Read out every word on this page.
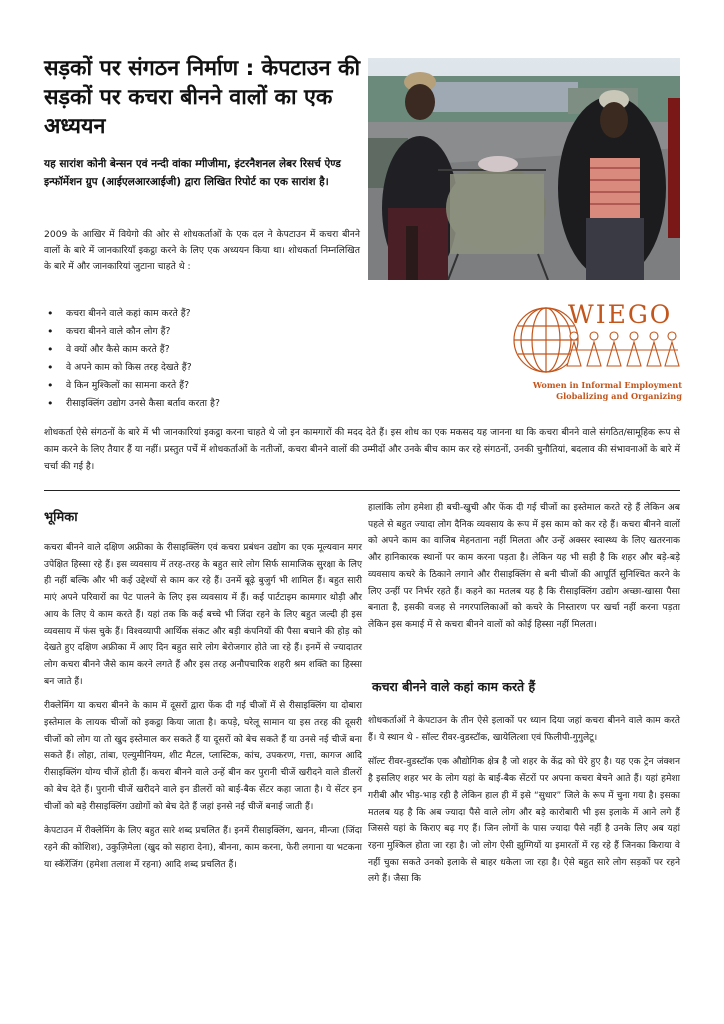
सड़कों पर संगठन निर्माण : केपटाउन की सड़कों पर कचरा बीनने वालों का एक अध्ययन
यह सारांश कोनी बेन्सन एवं नन्दी वांका म्गीजीमा, इंटरनैशनल लेबर रिसर्च ऐण्ड इन्फॉर्मेशन ग्रुप (आईएलआरआईजी) द्वारा लिखित रिपोर्ट का एक सारांश है।
2009 के आखिर में वियेगो की ओर से शोधकर्ताओं के एक दल ने केपटाउन में कचरा बीनने वालों के बारे में जानकारियाँ इकट्ठा करने के लिए एक अध्ययन किया था। शोधकर्ता निम्नलिखित के बारे में और जानकारियां जुटाना चाहते थे :
• कचरा बीनने वाले कहां काम करते हैं?
• कचरा बीनने वाले कौन लोग हैं?
• वे क्यों और कैसे काम करते हैं?
• वे अपने काम को किस तरह देखते हैं?
• वे किन मुश्किलों का सामना करते हैं?
• रीसाइक्लिंग उद्योग उनसे कैसा बर्ताव करता है?
WIEGO
Women in Informal Employment
Globalizing and Organizing
शोधकर्ता ऐसे संगठनों के बारे में भी जानकारियां इकट्ठा करना चाहते थे जो इन कामगारों की मदद देते हैं। इस शोध का एक मकसद यह जानना था कि कचरा बीनने वाले संगठित/सामूहिक रूप से काम करने के लिए तैयार हैं या नहीं। प्रस्तुत पर्चे में शोधकर्ताओं के नतीजों, कचरा बीनने वालों की उम्मीदों और उनके बीच काम कर रहे संगठनों, उनकी चुनौतियां, बदलाव की संभावनाओं के बारे में चर्चा की गई है।
भूमिका

कचरा बीनने वाले दक्षिण अफ्रीका के रीसाइक्लिंग एवं कचरा प्रबंधन उद्योग का एक मूल्यवान मगर उपेक्षित हिस्सा रहे हैं। इस व्यवसाय में तरह-तरह के बहुत सारे लोग सिर्फ सामाजिक सुरक्षा के लिए ही नहीं बल्कि और भी कई उद्देश्यों से काम कर रहे हैं। उनमें बूढ़े बुजुर्ग भी शामिल हैं। बहुत सारी माएं अपने परिवारों का पेट पालने के लिए इस व्यवसाय में हैं। कई पार्टटाइम कामगार थोड़ी और आय के लिए ये काम करते हैं। यहां तक कि कई बच्चे भी जिंदा रहने के लिए बहुत जल्दी ही इस व्यवसाय में फंस चुके हैं। विश्वव्यापी आर्थिक संकट और बड़ी कंपनियों की पैसा बचाने की होड़ को देखते हुए दक्षिण अफ्रीका में आए दिन बहुत सारे लोग बेरोजगार होते जा रहे हैं। इनमें से ज्यादातर लोग कचरा बीनने जैसे काम करने लगते हैं और इस तरह अनौपचारिक शहरी श्रम शक्ति का हिस्सा बन जाते हैं।

रीक्लेमिंग या कचरा बीनने के काम में दूसरों द्वारा फेंक दी गई चीजों में से रीसाइक्लिंग या दोबारा इस्तेमाल के लायक चीजों को इकट्ठा किया जाता है। कपड़े, घरेलू सामान या इस तरह की दूसरी चीजों को लोग या तो खुद इस्तेमाल कर सकते हैं या दूसरों को बेच सकते हैं या उनसे नई चीजें बना सकते हैं। लोहा, तांबा, एल्युमीनियम, शीट मैटल, प्लास्टिक, कांच, उपकरण, गत्ता, कागज आदि रीसाइक्लिंग योग्य चीजें होती हैं। कचरा बीनने वाले उन्हें बीन कर पुरानी चीजें खरीदने वाले डीलरों को बेच देते हैं। पुरानी चीजें खरीदने वाले इन डीलरों को बाई-बैक सेंटर कहा जाता है। ये सेंटर इन चीजों को बड़े रीसाइक्लिंग उद्योगों को बेच देते हैं जहां इनसे नई चीजें बनाई जाती हैं।

केपटाउन में रीक्लेमिंग के लिए बहुत सारे शब्द प्रचलित हैं। इनमें रीसाइक्लिंग, खनन, मीन्जा (जिंदा रहने की कोशिश), उकुज़िमेला (खुद को सहारा देना), बीनना, काम करना, फेरी लगाना या भटकना या स्कॅरेंजिंग (हमेशा तलाश में रहना) आदि शब्द प्रचलित हैं।

हालांकि लोग हमेशा ही बची-खुची और फेंक दी गई चीजों का इस्तेमाल करते रहे हैं लेकिन अब पहले से बहुत ज्यादा लोग दैनिक व्यवसाय के रूप में इस काम को कर रहे हैं। कचरा बीनने वालों को अपने काम का वाजिब मेहनताना नहीं मिलता और उन्हें अक्सर स्वास्थ्य के लिए खतरनाक और हानिकारक स्थानों पर काम करना पड़ता है। लेकिन यह भी सही है कि शहर और बड़े-बड़े व्यवसाय कचरे के ठिकाने लगाने और रीसाइक्लिंग से बनी चीजों की आपूर्ति सुनिश्चित करने के लिए उन्हीं पर निर्भर रहते हैं। कहने का मतलब यह है कि रीसाइक्लिंग उद्योग अच्छा-खासा पैसा बनाता है, इसकी वजह से नगरपालिकाओं को कचरे के निस्तारण पर खर्चा नहीं करना पड़ता लेकिन इस कमाई में से कचरा बीनने वालों को कोई हिस्सा नहीं मिलता।

कचरा बीनने वाले कहां काम करते हैं

शोधकर्ताओं ने केपटाउन के तीन ऐसे इलाकों पर ध्यान दिया जहां कचरा बीनने वाले काम करते हैं। ये स्थान थे - सॉल्ट रीवर-वुडस्टॉक, खायेलित्शा एवं फिलीपी-गुगुलेटू।

सॉल्ट रीवर-वुडस्टॉक एक औद्योगिक क्षेत्र है जो शहर के केंद्र को घेरे हुए है। यह एक ट्रेन जंक्शन है इसलिए शहर भर के लोग यहां के बाई-बैक सेंटरों पर अपना कचरा बेचने आते हैं। यहां हमेशा गरीबी और भीड़-भाड़ रही है लेकिन हाल ही में इसे “सुधार” जिले के रूप में चुना गया है। इसका मतलब यह है कि अब ज्यादा पैसे वाले लोग और बड़े कारोबारी भी इस इलाके में आने लगे हैं जिससे यहां के किराए बढ़ गए हैं। जिन लोगों के पास ज्यादा पैसे नहीं है उनके लिए अब यहां रहना मुश्किल होता जा रहा है। जो लोग ऐसी झुग्गियों या इमारतों में रह रहे हैं जिनका किराया वे नहीं चुका सकते उनको इलाके से बाहर धकेला जा रहा है। ऐसे बहुत सारे लोग सड़कों पर रहने लगे हैं। जैसा कि
